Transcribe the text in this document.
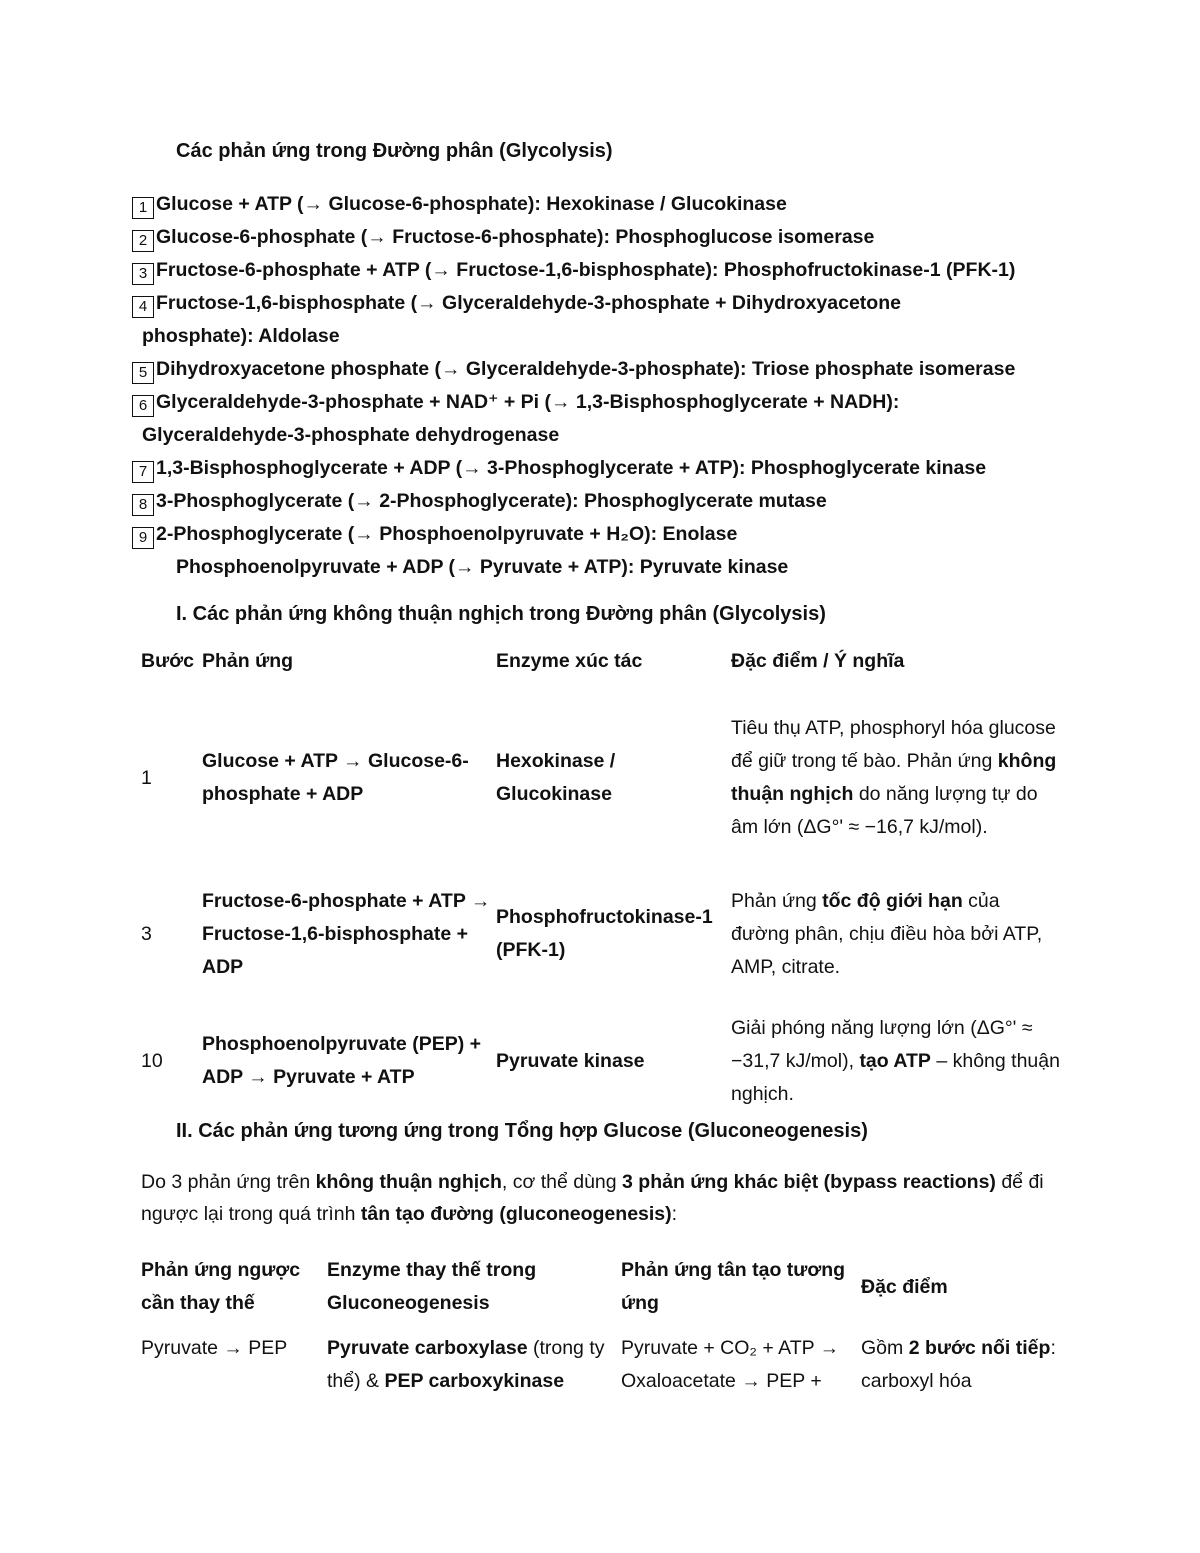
Các phản ứng trong Đường phân (Glycolysis)
1 Glucose + ATP (→ Glucose-6-phosphate): Hexokinase / Glucokinase
2 Glucose-6-phosphate (→ Fructose-6-phosphate): Phosphoglucose isomerase
3 Fructose-6-phosphate + ATP (→ Fructose-1,6-bisphosphate): Phosphofructokinase-1 (PFK-1)
4 Fructose-1,6-bisphosphate (→ Glyceraldehyde-3-phosphate + Dihydroxyacetone
phosphate): Aldolase
5 Dihydroxyacetone phosphate (→ Glyceraldehyde-3-phosphate): Triose phosphate isomerase
6 Glyceraldehyde-3-phosphate + NAD⁺ + Pi (→ 1,3-Bisphosphoglycerate + NADH):
Glyceraldehyde-3-phosphate dehydrogenase
7 1,3-Bisphosphoglycerate + ADP (→ 3-Phosphoglycerate + ATP): Phosphoglycerate kinase
8 3-Phosphoglycerate (→ 2-Phosphoglycerate): Phosphoglycerate mutase
9 2-Phosphoglycerate (→ Phosphoenolpyruvate + H₂O): Enolase
Phosphoenolpyruvate + ADP (→ Pyruvate + ATP): Pyruvate kinase
I. Các phản ứng không thuận nghịch trong Đường phân (Glycolysis)
Bước	Phản ứng	Enzyme xúc tác	Đặc điểm / Ý nghĩa
1	Glucose + ATP → Glucose-6-phosphate + ADP	Hexokinase / Glucokinase	Tiêu thụ ATP, phosphoryl hóa glucose để giữ trong tế bào. Phản ứng không thuận nghịch do năng lượng tự do âm lớn (ΔG°' ≈ −16,7 kJ/mol).
3	Fructose-6-phosphate + ATP → Fructose-1,6-bisphosphate + ADP	Phosphofructokinase-1 (PFK-1)	Phản ứng tốc độ giới hạn của đường phân, chịu điều hòa bởi ATP, AMP, citrate.
10	Phosphoenolpyruvate (PEP) + ADP → Pyruvate + ATP	Pyruvate kinase	Giải phóng năng lượng lớn (ΔG°' ≈ −31,7 kJ/mol), tạo ATP – không thuận nghịch.
II. Các phản ứng tương ứng trong Tổng hợp Glucose (Gluconeogenesis)
Do 3 phản ứng trên không thuận nghịch, cơ thể dùng 3 phản ứng khác biệt (bypass reactions) để đi ngược lại trong quá trình tân tạo đường (gluconeogenesis):
Phản ứng ngược cần thay thế	Enzyme thay thế trong Gluconeogenesis	Phản ứng tân tạo tương ứng	Đặc điểm
Pyruvate → PEP	Pyruvate carboxylase (trong ty thể) & PEP carboxykinase	Pyruvate + CO₂ + ATP → Oxaloacetate → PEP +	Gồm 2 bước nối tiếp: carboxyl hóa
